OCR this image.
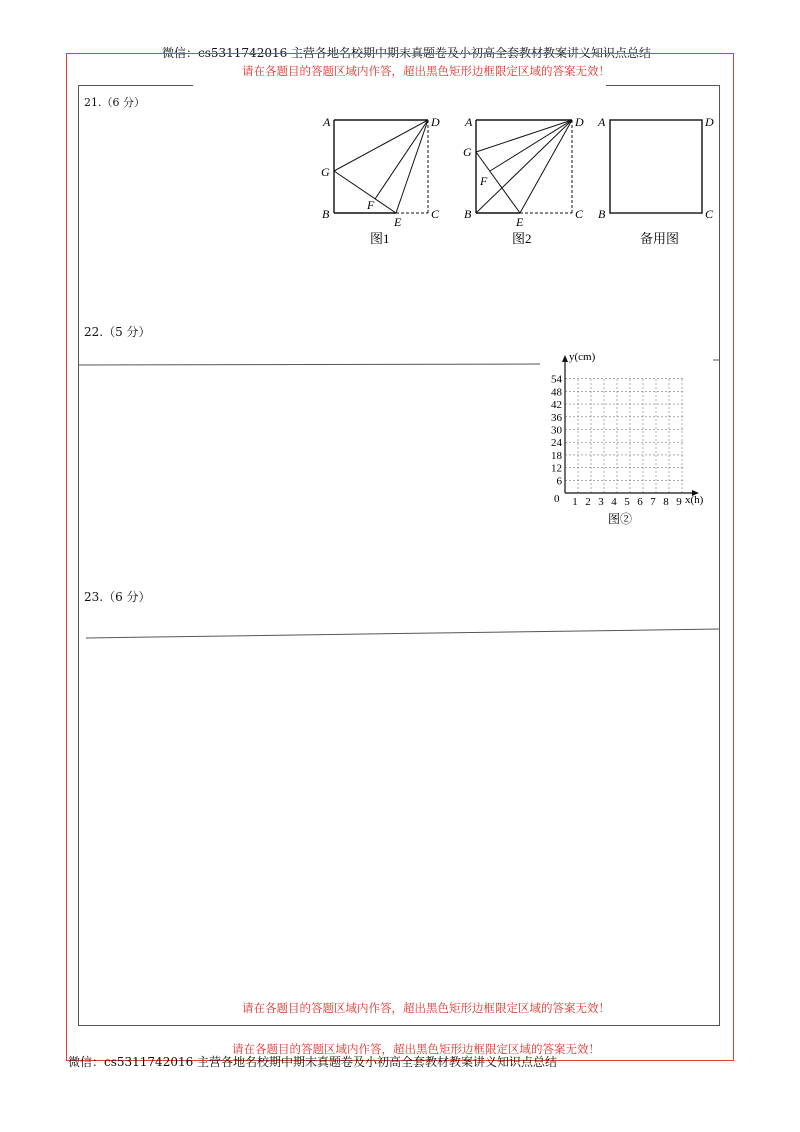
微信：cs5311742016 主营各地名校期中期末真题卷及小初高全套教材教案讲义知识点总结
请在各题目的答题区域内作答，超出黑色矩形边框限定区域的答案无效！
21.（6 分）
A	D
G
B
F
E
C
图1
A	D
G
F
B
E
C
图2
A	D
B	C
备用图
22.（5 分）
y(cm)
x(h)
0
6
12
18
24
30
36
42
48
54
1 2 3 4 5 6 7 8 9
图②
23.（6 分）
请在各题目的答题区域内作答，超出黑色矩形边框限定区域的答案无效！
请在各题目的答题区域内作答，超出黑色矩形边框限定区域的答案无效！
微信：cs5311742016 主营各地名校期中期末真题卷及小初高全套教材教案讲义知识点总结
